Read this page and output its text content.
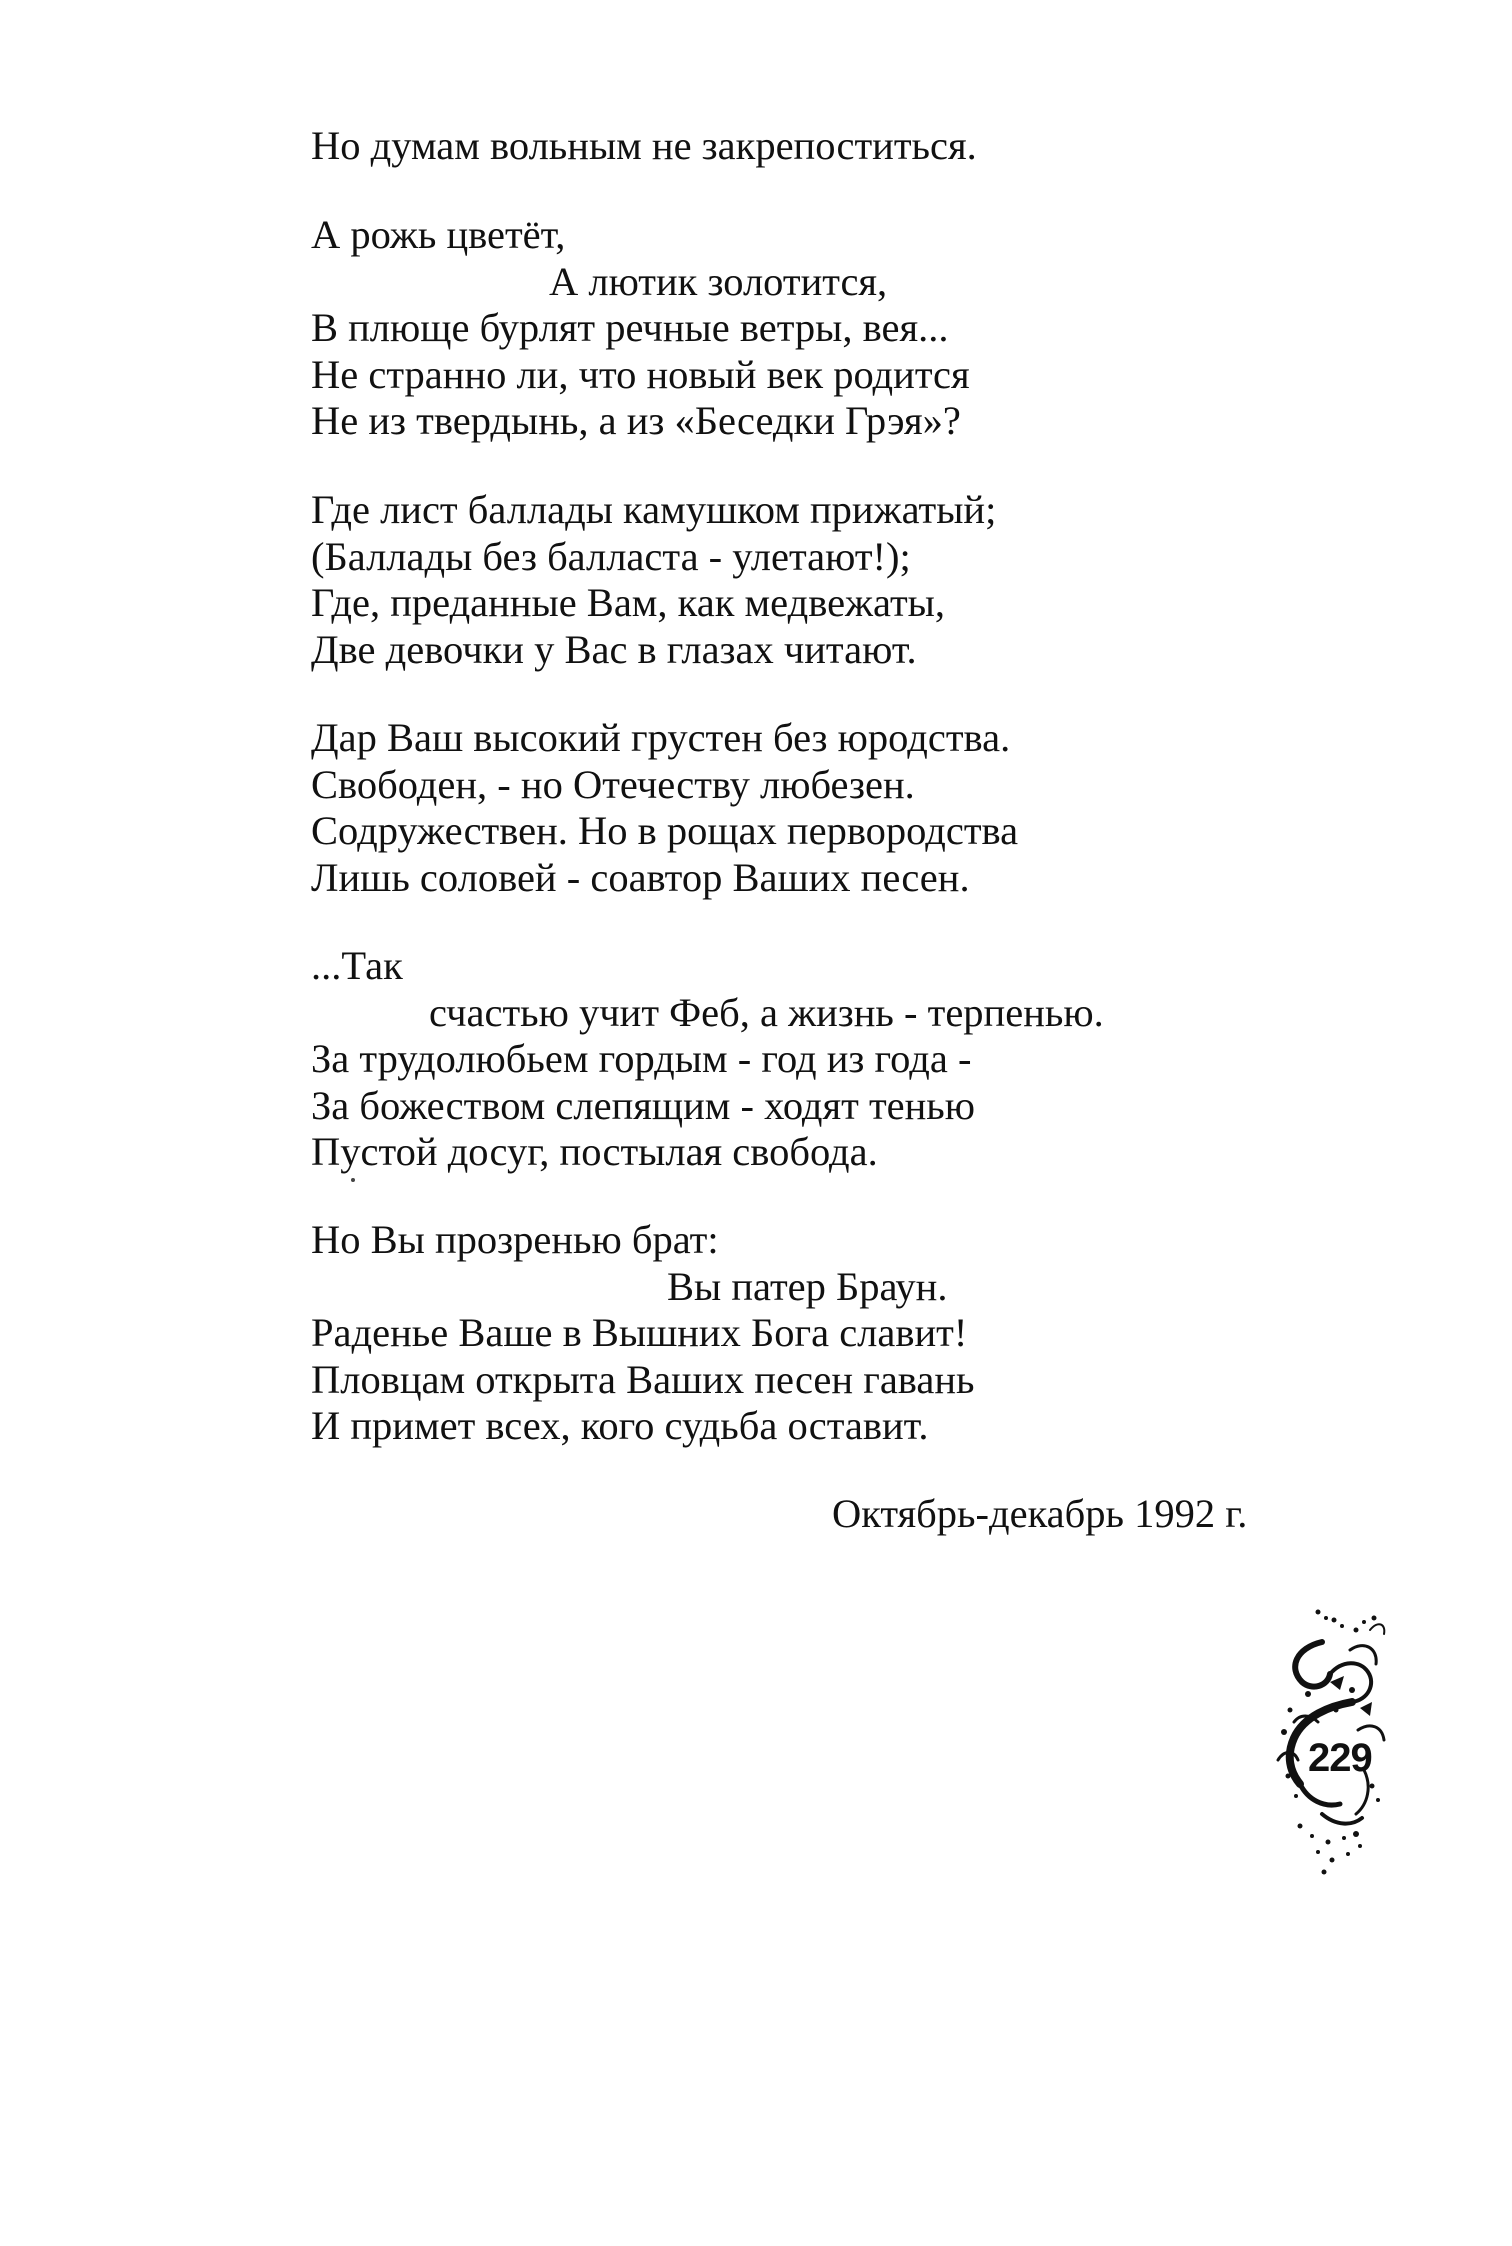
Но думам вольным не закрепоститься.
А рожь цветёт,
А лютик золотится,
В плюще бурлят речные ветры, вея...
Не странно ли, что новый век родится
Не из твердынь, а из «Беседки Грэя»?
Где лист баллады камушком прижатый;
(Баллады без балласта - улетают!);
Где, преданные Вам, как медвежаты,
Две девочки у Вас в глазах читают.
Дар Ваш высокий грустен без юродства.
Свободен, - но Отечеству любезен.
Содружествен. Но в рощах первородства
Лишь соловей - соавтор Ваших песен.
...Так
счастью учит Феб, а жизнь - терпенью.
За трудолюбьем гордым - год из года -
За божеством слепящим - ходят тенью
Пустой досуг, постылая свобода.
Но Вы прозренью брат:
Вы патер Браун.
Раденье Ваше в Вышних Бога славит!
Пловцам открыта Ваших песен гавань
И примет всех, кого судьба оставит.
Октябрь-декабрь 1992 г.
229
